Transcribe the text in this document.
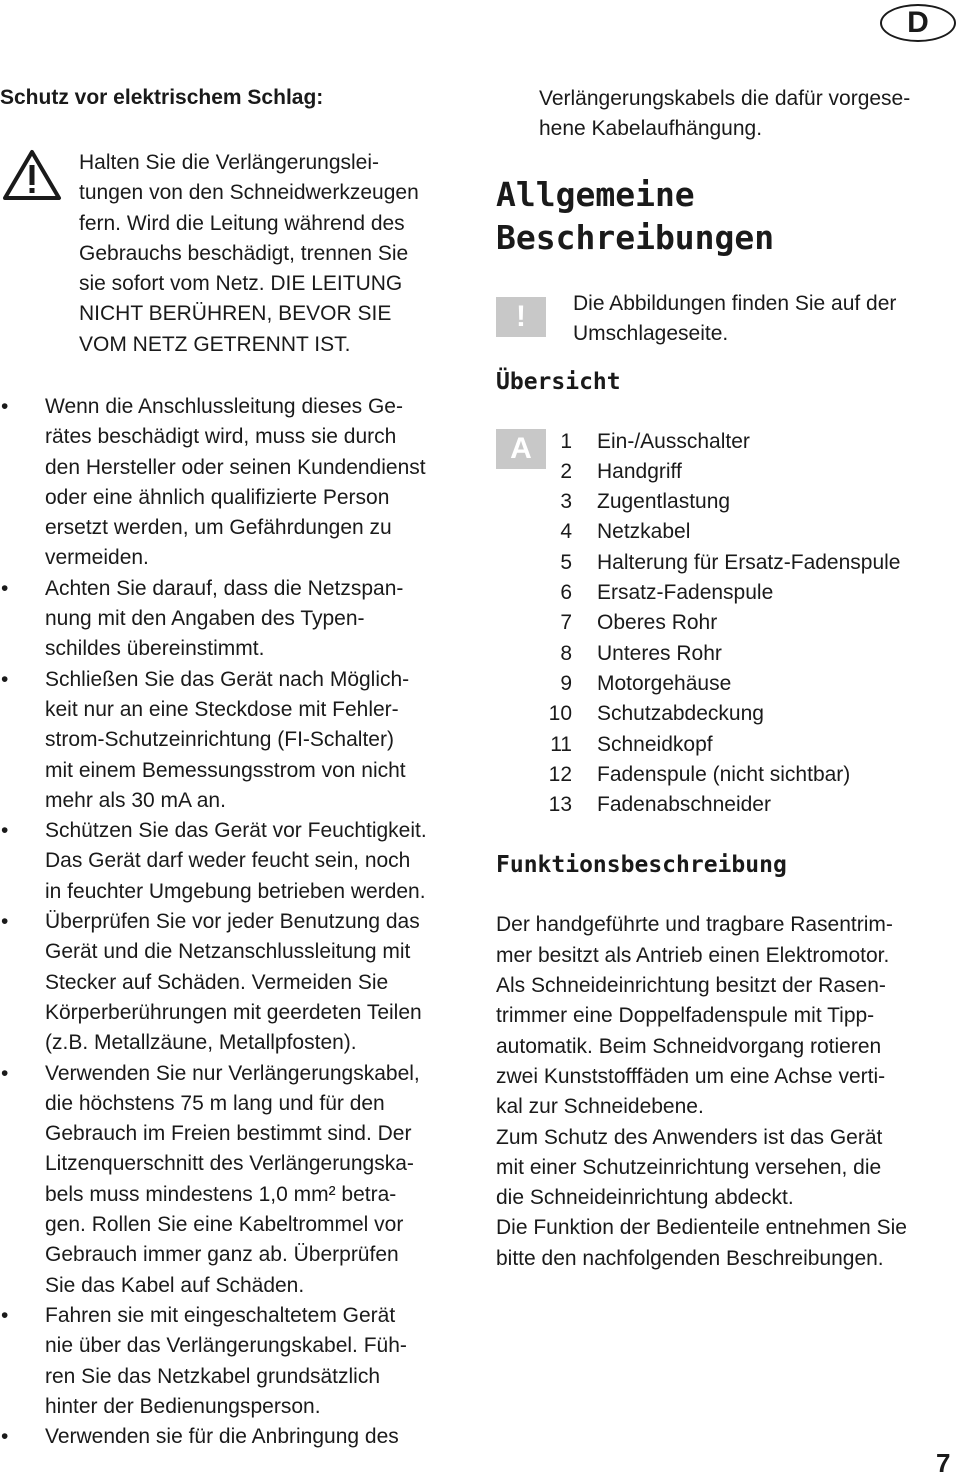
D
Schutz vor elektrischem Schlag:

Halten Sie die Verlängerungslei-
tungen von den Schneidwerkzeugen
fern. Wird die Leitung während des
Gebrauchs beschädigt, trennen Sie
sie sofort vom Netz. DIE LEITUNG
NICHT BERÜHREN, BEVOR SIE
VOM NETZ GETRENNT IST.

• Wenn die Anschlussleitung dieses Ge-
rätes beschädigt wird, muss sie durch
den Hersteller oder seinen Kundendienst
oder eine ähnlich qualifizierte Person
ersetzt werden, um Gefährdungen zu
vermeiden.
• Achten Sie darauf, dass die Netzspan-
nung mit den Angaben des Typen-
schildes übereinstimmt.
• Schließen Sie das Gerät nach Möglich-
keit nur an eine Steckdose mit Fehler-
strom-Schutzeinrichtung (FI-Schalter)
mit einem Bemessungsstrom von nicht
mehr als 30 mA an.
• Schützen Sie das Gerät vor Feuchtigkeit.
Das Gerät darf weder feucht sein, noch
in feuchter Umgebung betrieben werden.
• Überprüfen Sie vor jeder Benutzung das
Gerät und die Netzanschlussleitung mit
Stecker auf Schäden. Vermeiden Sie
Körperberührungen mit geerdeten Teilen
(z.B. Metallzäune, Metallpfosten).
• Verwenden Sie nur Verlängerungskabel,
die höchstens 75 m lang und für den
Gebrauch im Freien bestimmt sind. Der
Litzenquerschnitt des Verlängerungska-
bels muss mindestens 1,0 mm² betra-
gen. Rollen Sie eine Kabeltrommel vor
Gebrauch immer ganz ab. Überprüfen
Sie das Kabel auf Schäden.
• Fahren sie mit eingeschaltetem Gerät
nie über das Verlängerungskabel. Füh-
ren Sie das Netzkabel grundsätzlich
hinter der Bedienungsperson.
• Verwenden sie für die Anbringung des

Verlängerungskabels die dafür vorgese-
hene Kabelaufhängung.

Allgemeine
Beschreibungen
!	Die Abbildungen finden Sie auf der
Umschlageseite.

Übersicht
A	1 Ein-/Ausschalter
2 Handgriff
3 Zugentlastung
4 Netzkabel
5 Halterung für Ersatz-Fadenspule
6 Ersatz-Fadenspule
7 Oberes Rohr
8 Unteres Rohr
9 Motorgehäuse
10 Schutzabdeckung
11 Schneidkopf
12 Fadenspule (nicht sichtbar)
13 Fadenabschneider
Funktionsbeschreibung
Der handgeführte und tragbare Rasentrim-
mer besitzt als Antrieb einen Elektromotor.
Als Schneideinrichtung besitzt der Rasen-
trimmer eine Doppelfadenspule mit Tipp-
automatik. Beim Schneidvorgang rotieren
zwei Kunststofffäden um eine Achse verti-
kal zur Schneidebene.
Zum Schutz des Anwenders ist das Gerät
mit einer Schutzeinrichtung versehen, die
die Schneideinrichtung abdeckt.
Die Funktion der Bedienteile entnehmen Sie
bitte den nachfolgenden Beschreibungen.

7
